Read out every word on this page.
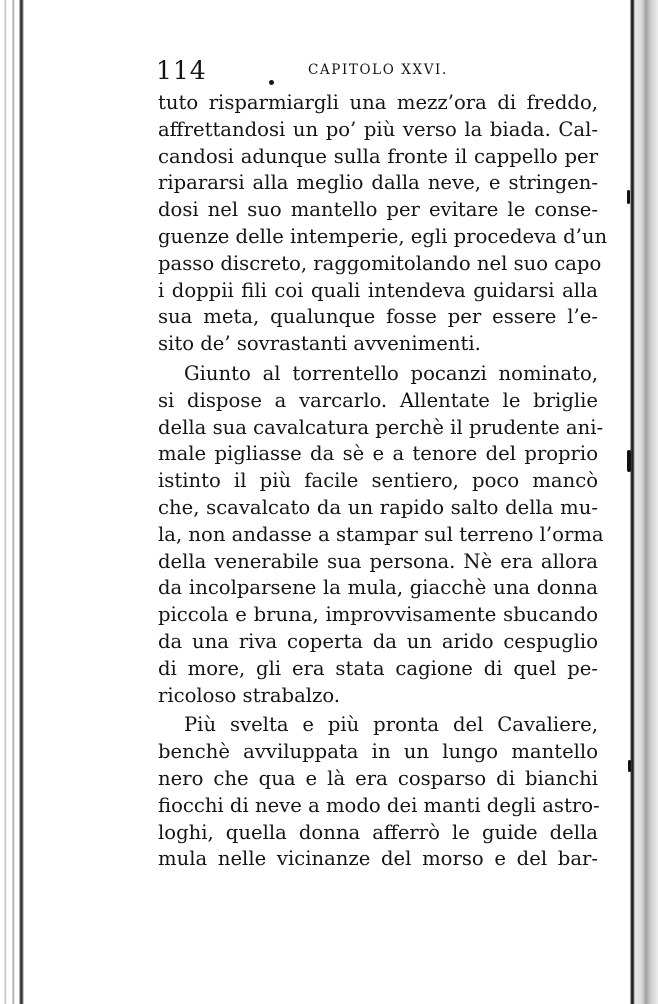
114	CAPITOLO XXVI.
tuto risparmiargli una mezz’ora di freddo,
affrettandosi un po’ più verso la biada. Cal-
candosi adunque sulla fronte il cappello per
ripararsi alla meglio dalla neve, e stringen-
dosi nel suo mantello per evitare le conse-
guenze delle intemperie, egli procedeva d’un
passo discreto, raggomitolando nel suo capo
i doppii fili coi quali intendeva guidarsi alla
sua meta, qualunque fosse per essere l’e-
sito de’ sovrastanti avvenimenti.
Giunto al torrentello pocanzi nominato,
si dispose a varcarlo. Allentate le briglie
della sua cavalcatura perchè il prudente ani-
male pigliasse da sè e a tenore del proprio
istinto il più facile sentiero, poco mancò
che, scavalcato da un rapido salto della mu-
la, non andasse a stampar sul terreno l’orma
della venerabile sua persona. Nè era allora
da incolparsene la mula, giacchè una donna
piccola e bruna, improvvisamente sbucando
da una riva coperta da un arido cespuglio
di more, gli era stata cagione di quel pe-
ricoloso strabalzo.
Più svelta e più pronta del Cavaliere,
benchè avviluppata in un lungo mantello
nero che qua e là era cosparso di bianchi
fiocchi di neve a modo dei manti degli astro-
loghi, quella donna afferrò le guide della
mula nelle vicinanze del morso e del bar-
